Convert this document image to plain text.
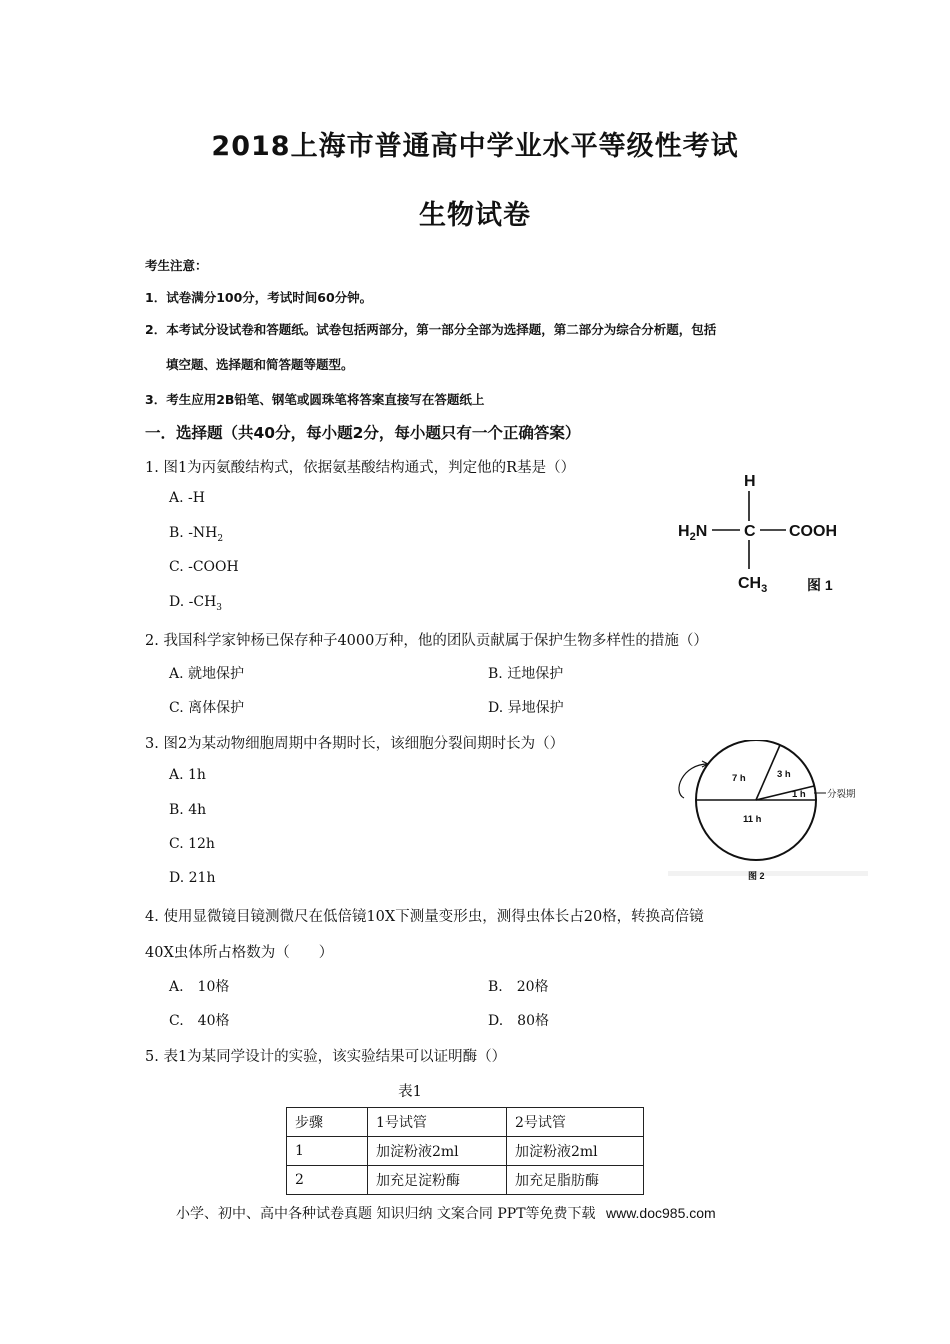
2018上海市普通高中学业水平等级性考试
生物试卷
考生注意：
1．试卷满分100分，考试时间60分钟。
2．本考试分设试卷和答题纸。试卷包括两部分，第一部分全部为选择题，第二部分为综合分析题，包括
填空题、选择题和简答题等题型。
3．考生应用2B铅笔、钢笔或圆珠笔将答案直接写在答题纸上
一．选择题（共40分，每小题2分，每小题只有一个正确答案）
1. 图1为丙氨酸结构式，依据氨基酸结构通式，判定他的R基是（）
A. -H
B. $-NH_2$
C. -COOH
D. $-CH_3$
H
$H_2N$ C COOH
$CH_3$	图 1
2. 我国科学家钟杨已保存种子4000万种，他的团队贡献属于保护生物多样性的措施（）
A. 就地保护	B. 迁地保护
C. 离体保护	D. 异地保护
3. 图2为某动物细胞周期中各期时长，该细胞分裂间期时长为（）
A. 1h
B. 4h
C. 12h
D. 21h
7 h	3 h
1 h
11 h
分裂期
图 2
4. 使用显微镜目镜测微尺在低倍镜10X下测量变形虫，测得虫体长占20格，转换高倍镜
40X虫体所占格数为（　　）
A.　10格	B.　20格
C.　40格	D.　80格
5. 表1为某同学设计的实验，该实验结果可以证明酶（）
表1
步骤	1号试管	2号试管
1	加淀粉液2ml	加淀粉液2ml
2	加充足淀粉酶	加充足脂肪酶
小学、初中、高中各种试卷真题 知识归纳 文案合同 PPT等免费下载 www.doc985.com
